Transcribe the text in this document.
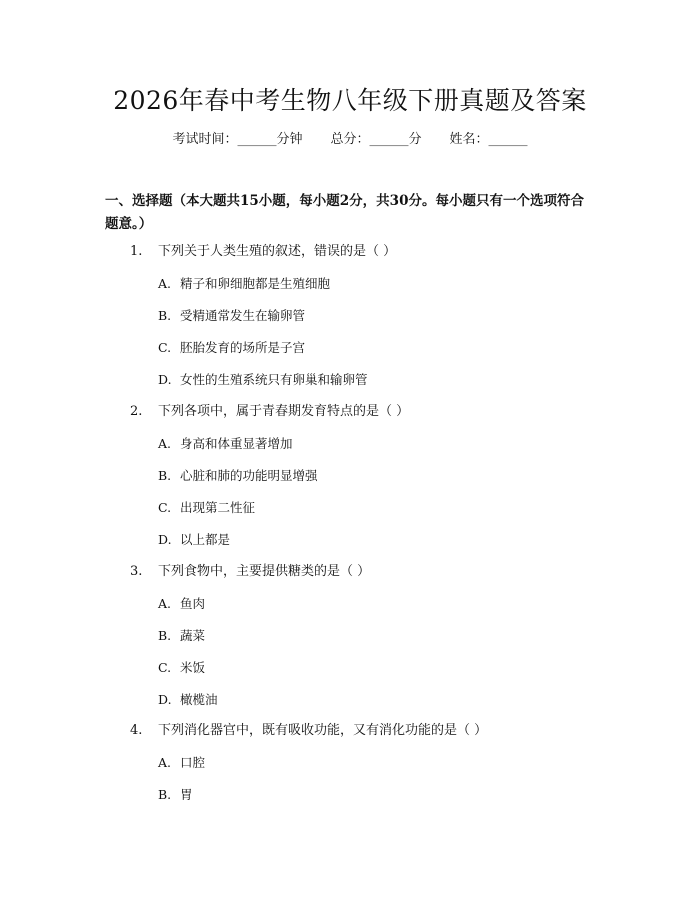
2026年春中考生物八年级下册真题及答案
考试时间：______分钟 总分：______分 姓名：______
一、选择题（本大题共15小题，每小题2分，共30分。每小题只有一个选项符合题意。）
1. 下列关于人类生殖的叙述，错误的是（ ）
A. 精子和卵细胞都是生殖细胞
B. 受精通常发生在输卵管
C. 胚胎发育的场所是子宫
D. 女性的生殖系统只有卵巢和输卵管
2. 下列各项中，属于青春期发育特点的是（ ）
A. 身高和体重显著增加
B. 心脏和肺的功能明显增强
C. 出现第二性征
D. 以上都是
3. 下列食物中，主要提供糖类的是（ ）
A. 鱼肉
B. 蔬菜
C. 米饭
D. 橄榄油
4. 下列消化器官中，既有吸收功能，又有消化功能的是（ ）
A. 口腔
B. 胃
